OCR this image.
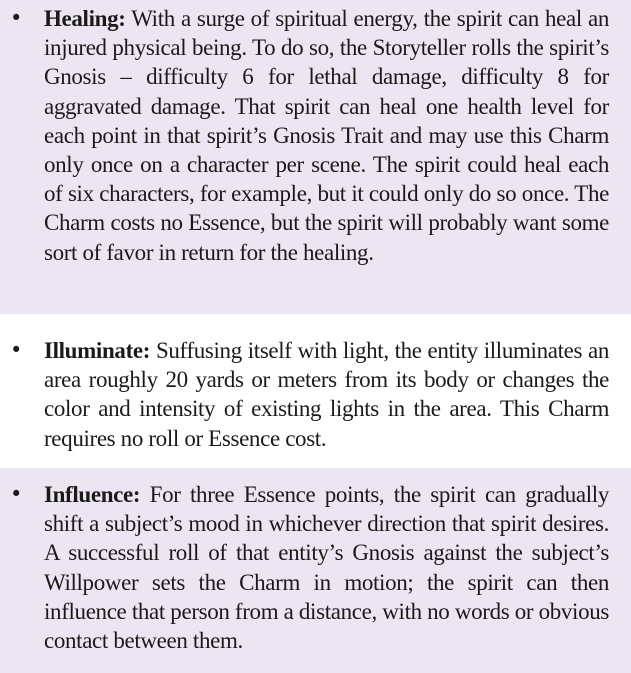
• Healing: With a surge of spiritual energy, the spirit can heal an injured physical being. To do so, the Storyteller rolls the spirit’s Gnosis – difficulty 6 for lethal damage, difficulty 8 for aggravated damage. That spirit can heal one health level for each point in that spirit’s Gnosis Trait and may use this Charm only once on a character per scene. The spirit could heal each of six characters, for example, but it could only do so once. The Charm costs no Essence, but the spirit will probably want some sort of favor in return for the healing.
• Illuminate: Suffusing itself with light, the entity illuminates an area roughly 20 yards or meters from its body or changes the color and intensity of existing lights in the area. This Charm requires no roll or Essence cost.
• Influence: For three Essence points, the spirit can gradually shift a subject’s mood in whichever direction that spirit desires. A successful roll of that entity’s Gnosis against the subject’s Willpower sets the Charm in motion; the spirit can then influence that person from a distance, with no words or obvious contact between them.
